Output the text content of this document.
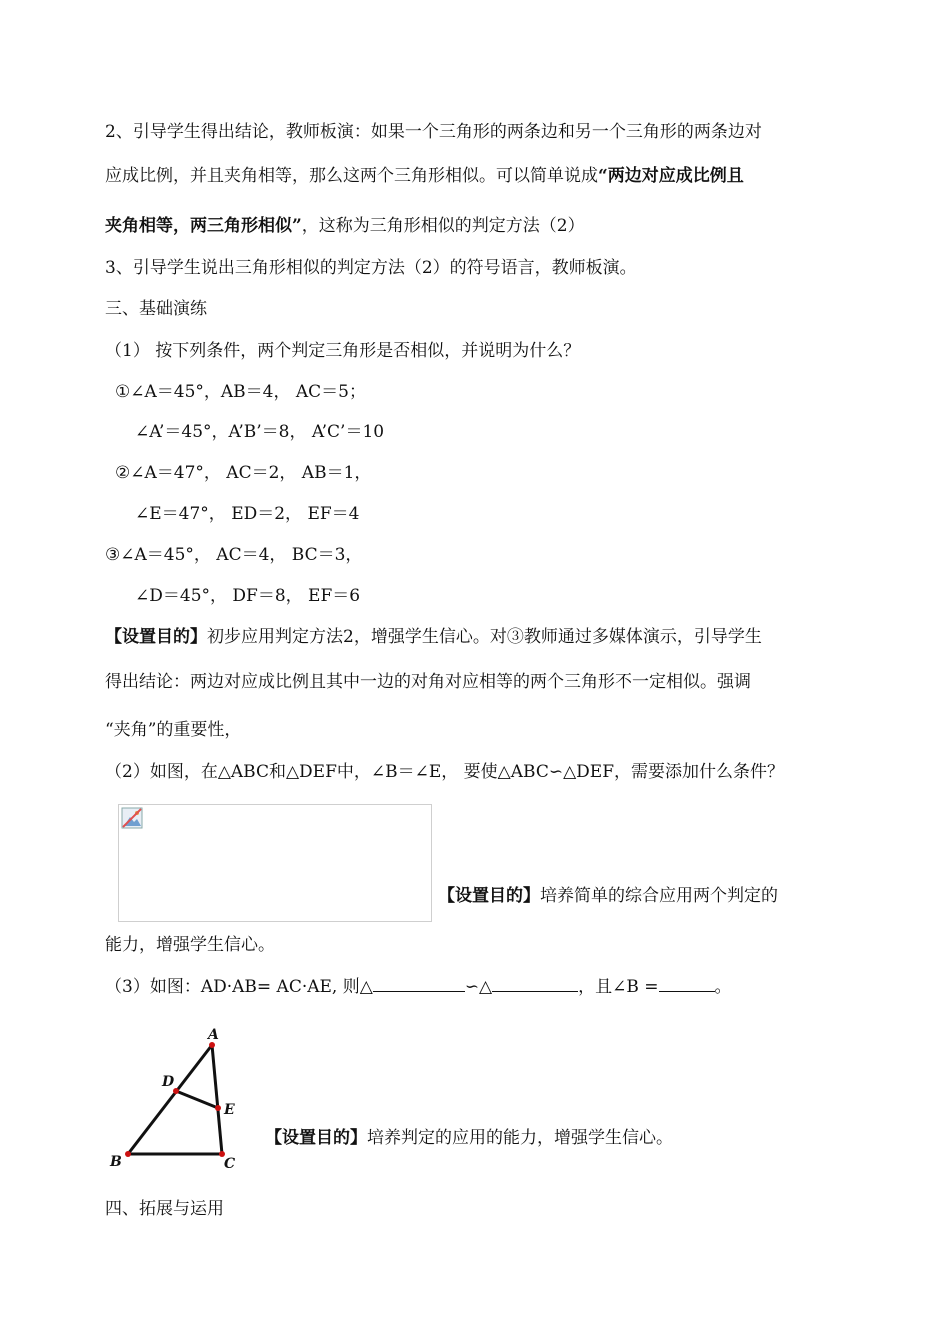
2、引导学生得出结论，教师板演：如果一个三角形的两条边和另一个三角形的两条边对
应成比例，并且夹角相等，那么这两个三角形相似。可以简单说成“两边对应成比例且
夹角相等，两三角形相似”，这称为三角形相似的判定方法（2）
3、引导学生说出三角形相似的判定方法（2）的符号语言，教师板演。
三、基础演练
（1） 按下列条件，两个判定三角形是否相似，并说明为什么？
①∠A＝45°，AB＝4， AC＝5；
∠A’＝45°，A’B’＝8， A’C’＝10
②∠A＝47°， AC＝2， AB＝1，
∠E＝47°， ED＝2， EF＝4
③∠A＝45°， AC＝4， BC＝3，
∠D＝45°， DF＝8， EF＝6
【设置目的】初步应用判定方法2，增强学生信心。对③教师通过多媒体演示，引导学生
得出结论：两边对应成比例且其中一边的对角对应相等的两个三角形不一定相似。强调
“夹角”的重要性，
（2）如图，在△ABC和△DEF中，∠B＝∠E， 要使△ABC∽△DEF，需要添加什么条件？
【设置目的】培养简单的综合应用两个判定的
能力，增强学生信心。
（3）如图：AD·AB= AC·AE, 则△	∽△	，且∠B =	。
A
B	C
D
E
【设置目的】培养判定的应用的能力，增强学生信心。
四、拓展与运用
